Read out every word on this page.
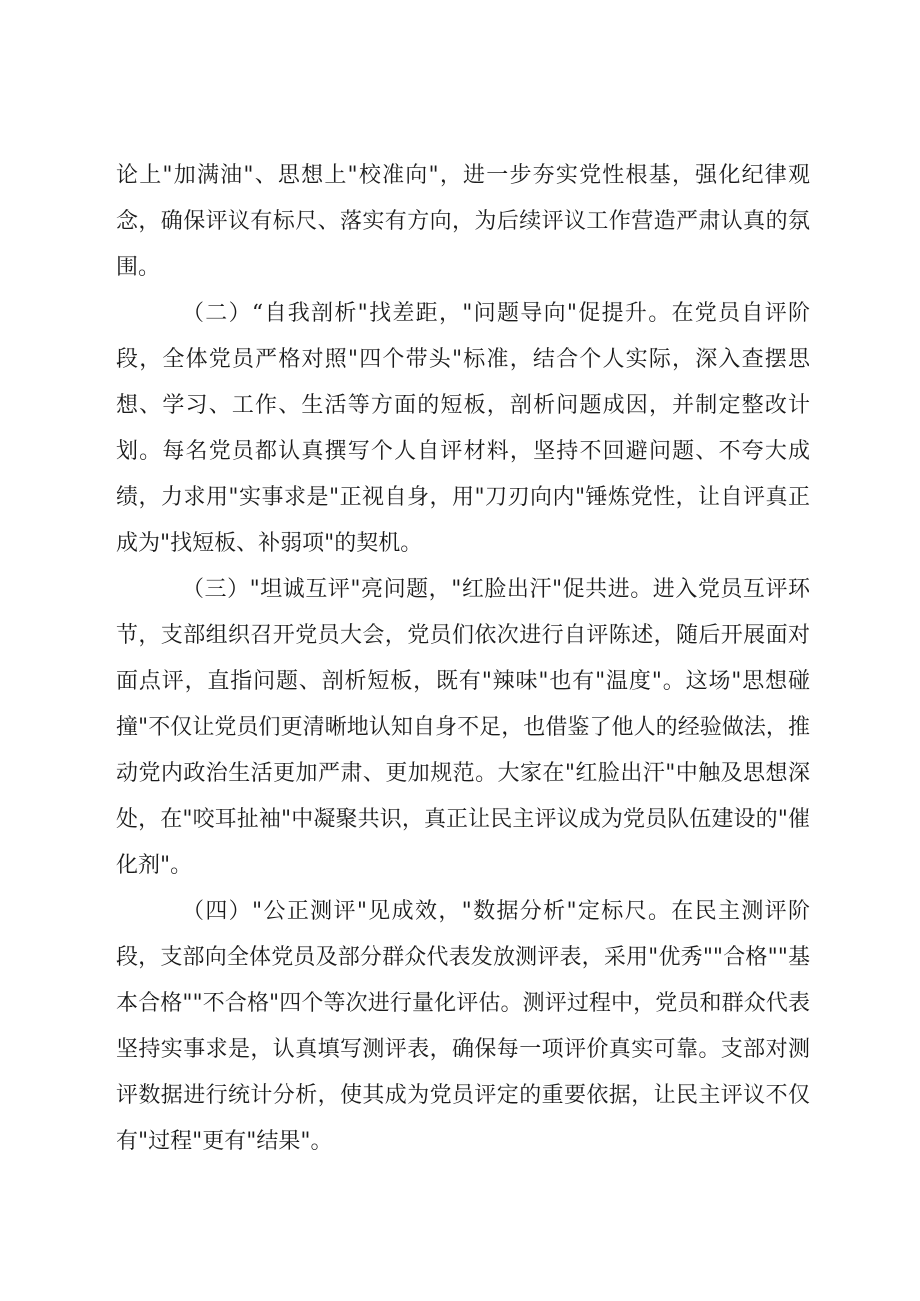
论上"加满油"、思想上"校准向"，进一步夯实党性根基，强化纪律观念，确保评议有标尺、落实有方向，为后续评议工作营造严肃认真的氛围。

（二）“自我剖析"找差距，"问题导向"促提升。在党员自评阶段，全体党员严格对照"四个带头"标准，结合个人实际，深入查摆思想、学习、工作、生活等方面的短板，剖析问题成因，并制定整改计划。每名党员都认真撰写个人自评材料，坚持不回避问题、不夸大成绩，力求用"实事求是"正视自身，用"刀刃向内"锤炼党性，让自评真正成为"找短板、补弱项"的契机。

（三）"坦诚互评"亮问题，"红脸出汗"促共进。进入党员互评环节，支部组织召开党员大会，党员们依次进行自评陈述，随后开展面对面点评，直指问题、剖析短板，既有"辣味"也有"温度"。这场"思想碰撞"不仅让党员们更清晰地认知自身不足，也借鉴了他人的经验做法，推动党内政治生活更加严肃、更加规范。大家在"红脸出汗"中触及思想深处，在"咬耳扯袖"中凝聚共识，真正让民主评议成为党员队伍建设的"催化剂"。

（四）"公正测评"见成效，"数据分析"定标尺。在民主测评阶段，支部向全体党员及部分群众代表发放测评表，采用"优秀""合格""基本合格""不合格"四个等次进行量化评估。测评过程中，党员和群众代表坚持实事求是，认真填写测评表，确保每一项评价真实可靠。支部对测评数据进行统计分析，使其成为党员评定的重要依据，让民主评议不仅有"过程"更有"结果"。
